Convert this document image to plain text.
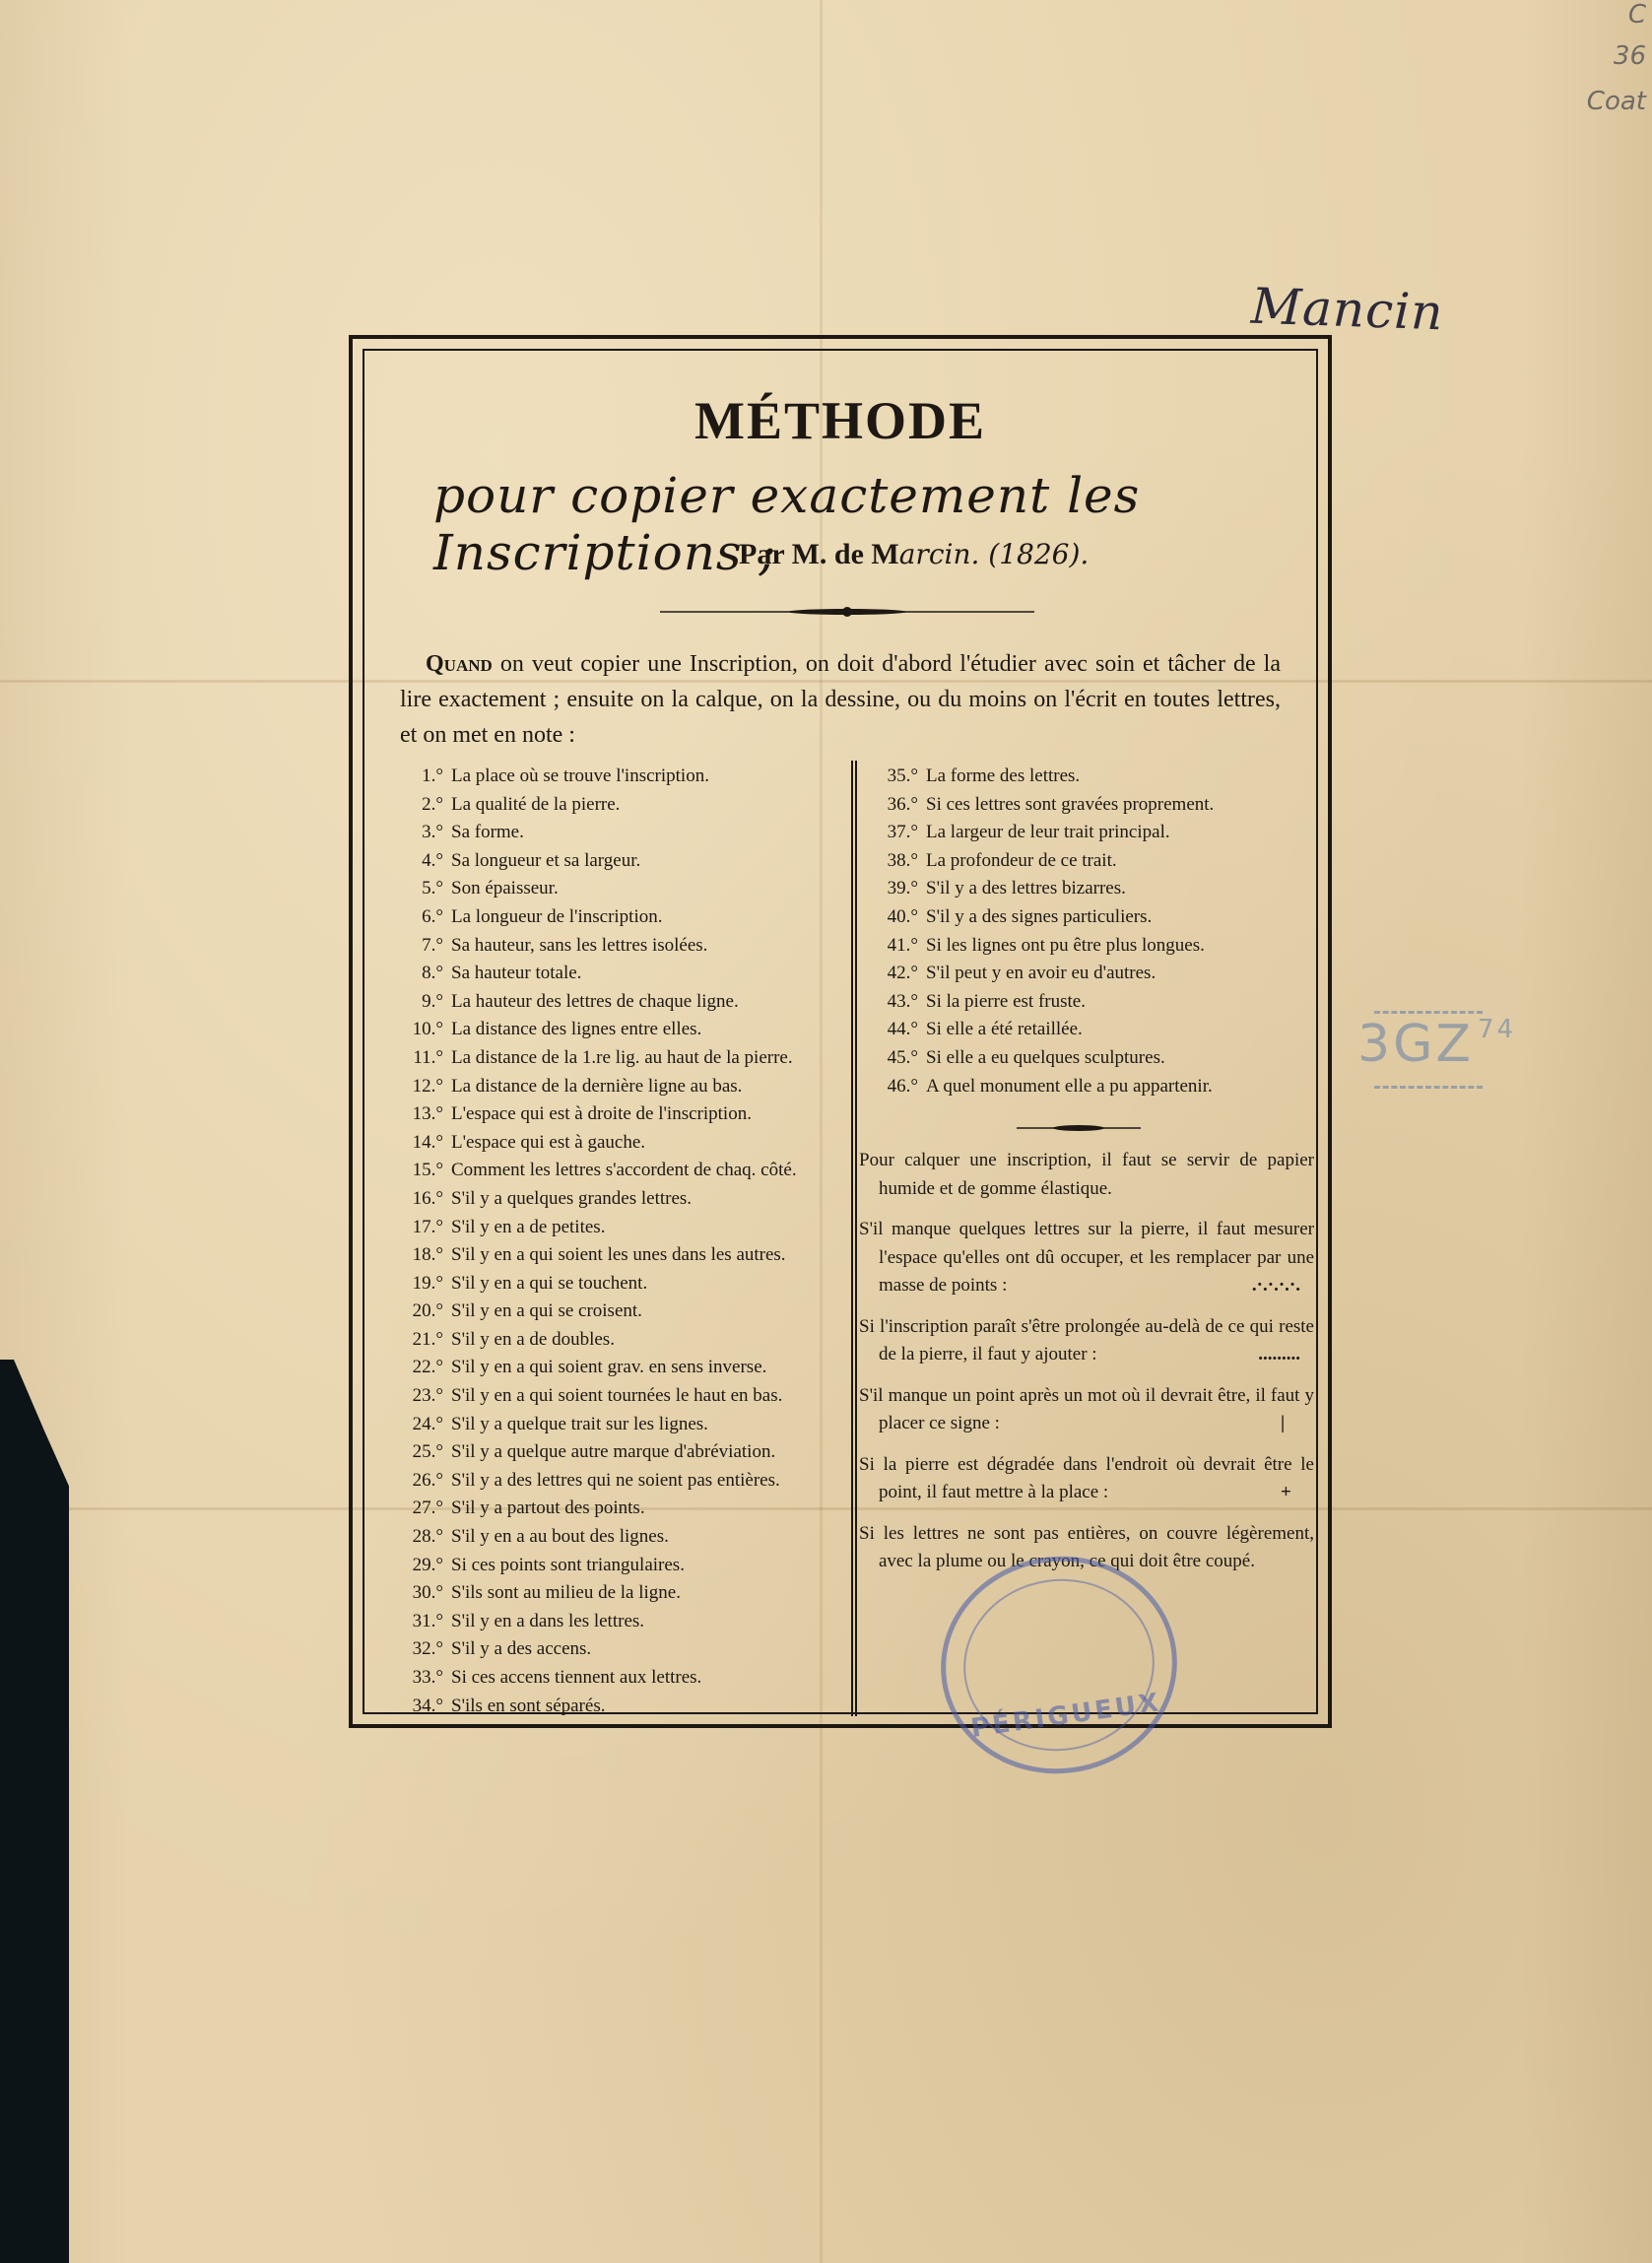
C
36
Coat
Mancin
3GZ $^{74}$
MÉTHODE
pour copier exactement les Inscriptions ;
Par M. de Marcin. (1826).
Quand on veut copier une Inscription, on doit d'abord l'étudier avec soin et tâcher de la lire exactement ; ensuite on la calque, on la dessine, ou du moins on l'écrit en toutes lettres, et on met en note :
1.° La place où se trouve l'inscription.
2.° La qualité de la pierre.
3.° Sa forme.
4.° Sa longueur et sa largeur.
5.° Son épaisseur.
6.° La longueur de l'inscription.
7.° Sa hauteur, sans les lettres isolées.
8.° Sa hauteur totale.
9.° La hauteur des lettres de chaque ligne.
10.° La distance des lignes entre elles.
11.° La distance de la 1.re lig. au haut de la pierre.
12.° La distance de la dernière ligne au bas.
13.° L'espace qui est à droite de l'inscription.
14.° L'espace qui est à gauche.
15.° Comment les lettres s'accordent de chaq. côté.
16.° S'il y a quelques grandes lettres.
17.° S'il y en a de petites.
18.° S'il y en a qui soient les unes dans les autres.
19.° S'il y en a qui se touchent.
20.° S'il y en a qui se croisent.
21.° S'il y en a de doubles.
22.° S'il y en a qui soient grav. en sens inverse.
23.° S'il y en a qui soient tournées le haut en bas.
24.° S'il y a quelque trait sur les lignes.
25.° S'il y a quelque autre marque d'abréviation.
26.° S'il y a des lettres qui ne soient pas entières.
27.° S'il y a partout des points.
28.° S'il y en a au bout des lignes.
29.° Si ces points sont triangulaires.
30.° S'ils sont au milieu de la ligne.
31.° S'il y en a dans les lettres.
32.° S'il y a des accens.
33.° Si ces accens tiennent aux lettres.
34.° S'ils en sont séparés.
35.° La forme des lettres.
36.° Si ces lettres sont gravées proprement.
37.° La largeur de leur trait principal.
38.° La profondeur de ce trait.
39.° S'il y a des lettres bizarres.
40.° S'il y a des signes particuliers.
41.° Si les lignes ont pu être plus longues.
42.° S'il peut y en avoir eu d'autres.
43.° Si la pierre est fruste.
44.° Si elle a été retaillée.
45.° Si elle a eu quelques sculptures.
46.° A quel monument elle a pu appartenir.
Pour calquer une inscription, il faut se servir de papier humide et de gomme élastique.
S'il manque quelques lettres sur la pierre, il faut mesurer l'espace qu'elles ont dû occuper, et les remplacer par une masse de points :	.·.·.·.·.
Si l'inscription paraît s'être prolongée au-delà de ce qui reste de la pierre, il faut y ajouter :	.........
S'il manque un point après un mot où il devrait être, il faut y placer ce signe :	|
Si la pierre est dégradée dans l'endroit où devrait être le point, il faut mettre à la place :	+
Si les lettres ne sont pas entières, on couvre légèrement, avec la plume ou le crayon, ce qui doit être coupé.
PÉRIGUEUX
